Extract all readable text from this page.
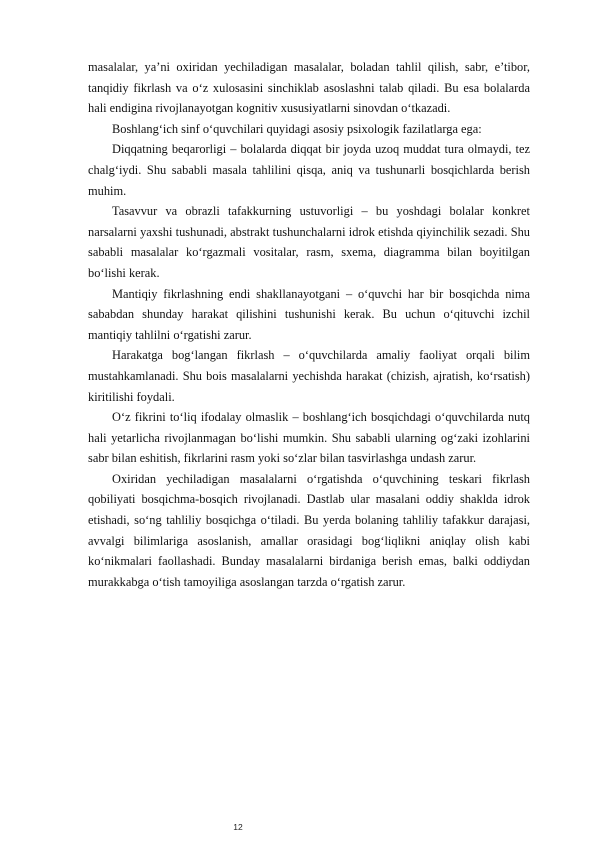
masalalar, ya’ni oxiridan yechiladigan masalalar, boladan tahlil qilish, sabr, e’tibor, tanqidiy fikrlash va o‘z xulosasini sinchiklab asoslashni talab qiladi. Bu esa bolalarda hali endigina rivojlanayotgan kognitiv xususiyatlarni sinovdan o‘tkazadi.

Boshlang‘ich sinf o‘quvchilari quyidagi asosiy psixologik fazilatlarga ega:

Diqqatning beqarorligi – bolalarda diqqat bir joyda uzoq muddat tura olmaydi, tez chalg‘iydi. Shu sababli masala tahlilini qisqa, aniq va tushunarli bosqichlarda berish muhim.

Tasavvur va obrazli tafakkurning ustuvorligi – bu yoshdagi bolalar konkret narsalarni yaxshi tushunadi, abstrakt tushunchalarni idrok etishda qiyinchilik sezadi. Shu sababli masalalar ko‘rgazmali vositalar, rasm, sxema, diagramma bilan boyitilgan bo‘lishi kerak.

Mantiqiy fikrlashning endi shakllanayotgani – o‘quvchi har bir bosqichda nima sababdan shunday harakat qilishini tushunishi kerak. Bu uchun o‘qituvchi izchil mantiqiy tahlilni o‘rgatishi zarur.

Harakatga bog‘langan fikrlash – o‘quvchilarda amaliy faoliyat orqali bilim mustahkamlanadi. Shu bois masalalarni yechishda harakat (chizish, ajratish, ko‘rsatish) kiritilishi foydali.

O‘z fikrini to‘liq ifodalay olmaslik – boshlang‘ich bosqichdagi o‘quvchilarda nutq hali yetarlicha rivojlanmagan bo‘lishi mumkin. Shu sababli ularning og‘zaki izohlarini sabr bilan eshitish, fikrlarini rasm yoki so‘zlar bilan tasvirlashga undash zarur.

Oxiridan yechiladigan masalalarni o‘rgatishda o‘quvchining teskari fikrlash qobiliyati bosqichma-bosqich rivojlanadi. Dastlab ular masalani oddiy shaklda idrok etishadi, so‘ng tahliliy bosqichga o‘tiladi. Bu yerda bolaning tahliliy tafakkur darajasi, avvalgi bilimlariga asoslanish, amallar orasidagi bog‘liqlikni aniqlay olish kabi ko‘nikmalari faollashadi. Bunday masalalarni birdaniga berish emas, balki oddiydan murakkabga o‘tish tamoyiliga asoslangan tarzda o‘rgatish zarur.

12
